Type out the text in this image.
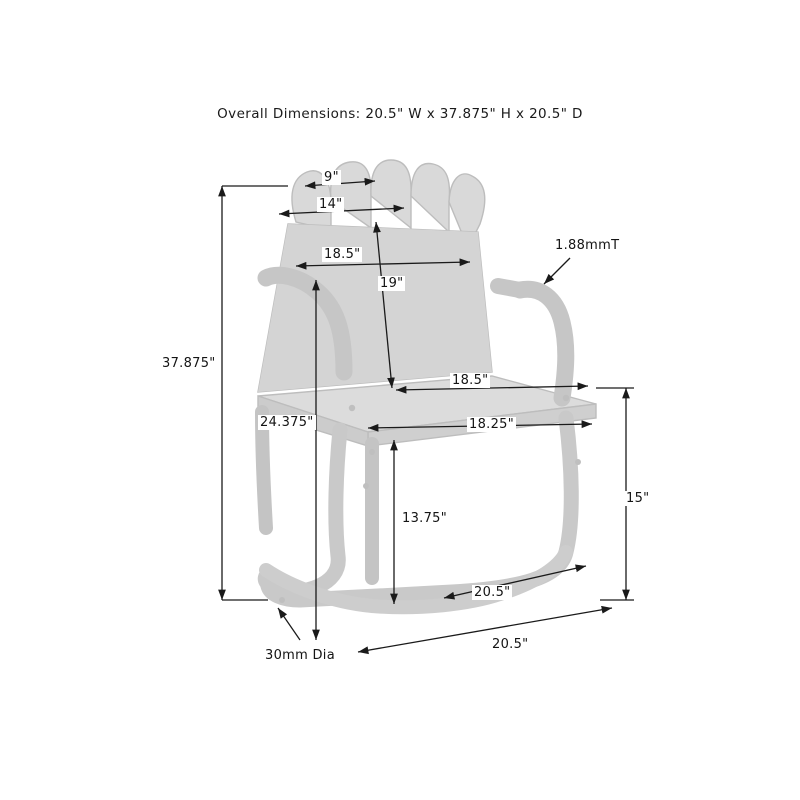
Overall Dimensions: 20.5" W x 37.875" H x 20.5" D
9"
14"
18.5"
19"
1.88mmT
18.5"
18.25"
37.875"
24.375"
13.75"
15"
20.5"
20.5"
30mm Dia
